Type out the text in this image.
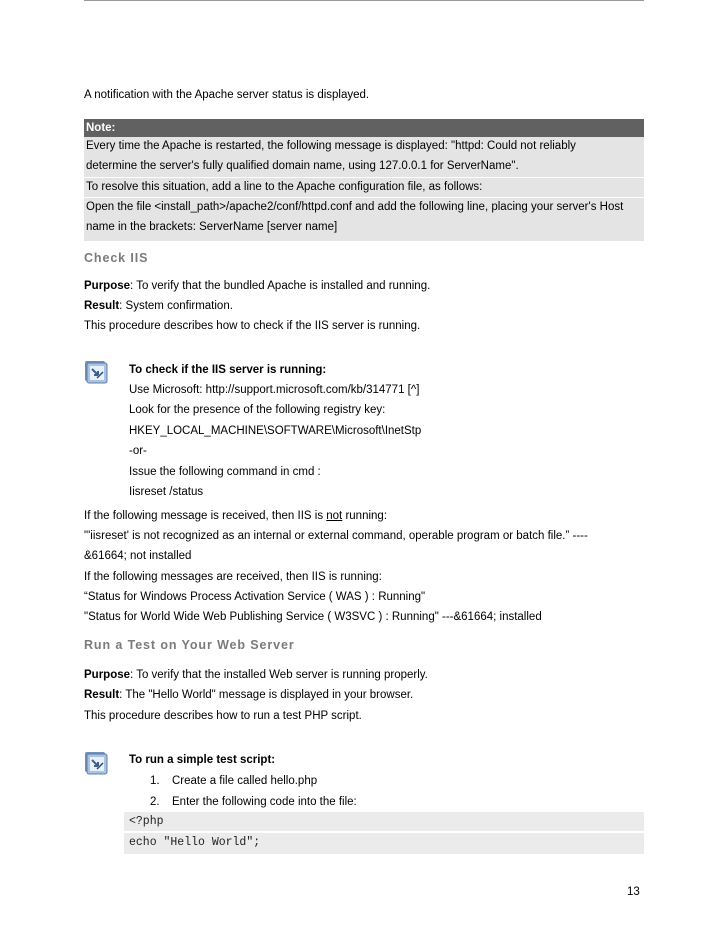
A notification with the Apache server status is displayed.
Note:
Every time the Apache is restarted, the following message is displayed: "httpd: Could not reliably
determine the server's fully qualified domain name, using 127.0.0.1 for ServerName".
To resolve this situation, add a line to the Apache configuration file, as follows:
Open the file <install_path>/apache2/conf/httpd.conf and add the following line, placing your server's Host
name in the brackets: ServerName [server name]
Check IIS
Purpose: To verify that the bundled Apache is installed and running.
Result: System confirmation.
This procedure describes how to check if the IIS server is running.
To check if the IIS server is running:
Use Microsoft: http://support.microsoft.com/kb/314771 [^]
Look for the presence of the following registry key:
HKEY_LOCAL_MACHINE\SOFTWARE\Microsoft\InetStp
-or-
Issue the following command in cmd :
Iisreset /status
If the following message is received, then IIS is not running:
"'iisreset' is not recognized as an internal or external command, operable program or batch file.” ----
&61664; not installed
If the following messages are received, then IIS is running:
“Status for Windows Process Activation Service ( WAS ) : Running"
"Status for World Wide Web Publishing Service ( W3SVC ) : Running" ---&61664; installed
Run a Test on Your Web Server
Purpose: To verify that the installed Web server is running properly.
Result: The "Hello World" message is displayed in your browser.
This procedure describes how to run a test PHP script.
To run a simple test script:
1. Create a file called hello.php
2. Enter the following code into the file:
<?php
echo "Hello World";
13
